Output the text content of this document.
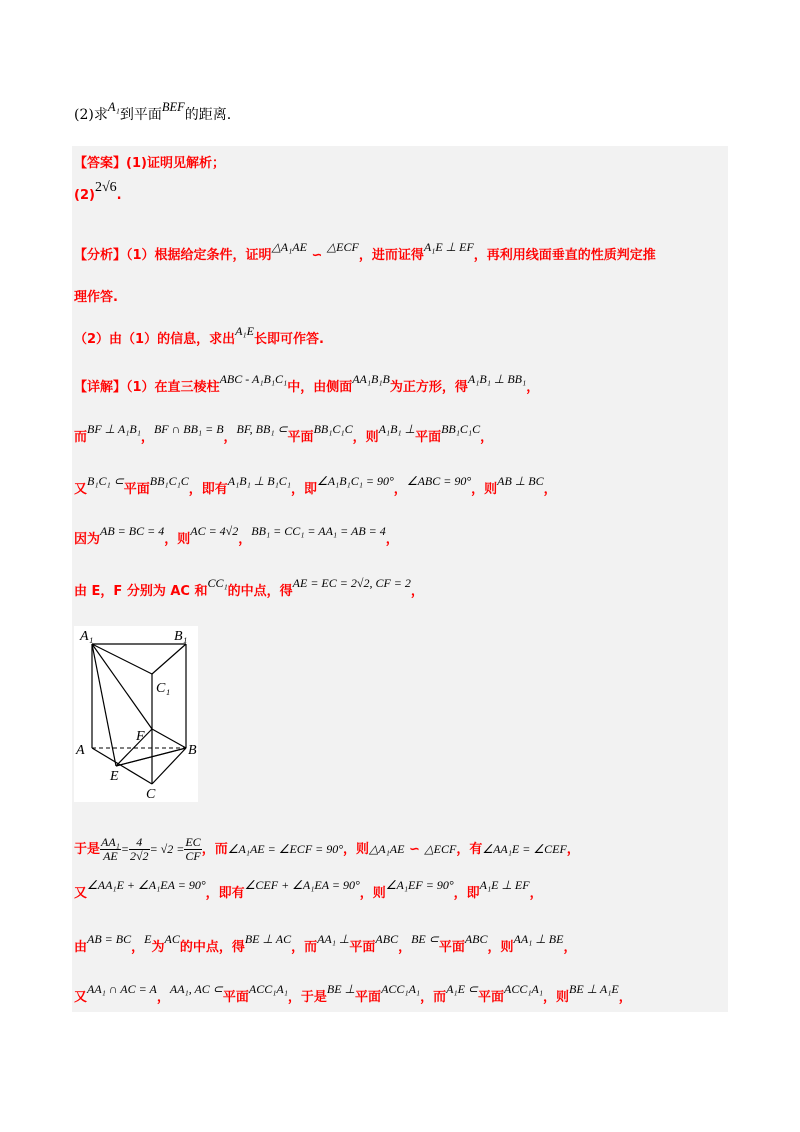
(2)求A₁到平面BEF的距离.
【答案】(1)证明见解析；
(2)2√6.
【分析】（1）根据给定条件，证明△A₁AE ∽ △ECF，进而证得A₁E ⊥ EF，再利用线面垂直的性质判定推
理作答.
（2）由（1）的信息，求出A₁E长即可作答.
【详解】（1）在直三棱柱ABC - A₁B₁C₁中，由侧面AA₁B₁B为正方形，得A₁B₁ ⊥ BB₁，
而BF ⊥ A₁B₁，BF ∩ BB₁ = B，BF, BB₁ ⊂平面BB₁C₁C，则A₁B₁ ⊥平面BB₁C₁C，
又B₁C₁ ⊂平面BB₁C₁C，即有A₁B₁ ⊥ B₁C₁，即∠A₁B₁C₁ = 90°，∠ABC = 90°，则AB ⊥ BC，
因为AB = BC = 4，则AC = 4√2，BB₁ = CC₁ = AA₁ = AB = 4，
由 E，F 分别为 AC 和CC₁的中点，得AE = EC = 2√2, CF = 2，
A₁	B₁
C₁
F
A	B
E
C
于是 $\frac{\text{AA₁}}{AE} = \frac{4}{2√2} = √2 = \frac{EC}{CF}$ ，而∠A₁AE = ∠ECF = 90°，则△A₁AE ∽ △ECF，有∠AA₁E = ∠CEF，
又∠AA₁E + ∠A₁EA = 90°，即有∠CEF + ∠A₁EA = 90°，则∠A₁EF = 90°，即A₁E ⊥ EF，
由AB = BC，E为AC的中点，得BE ⊥ AC，而AA₁ ⊥平面ABC，BE ⊂平面ABC，则AA₁ ⊥ BE，
又AA₁ ∩ AC = A，AA₁, AC ⊂平面ACC₁A₁，于是BE ⊥平面ACC₁A₁，而A₁E ⊂平面ACC₁A₁，则BE ⊥ A₁E，
